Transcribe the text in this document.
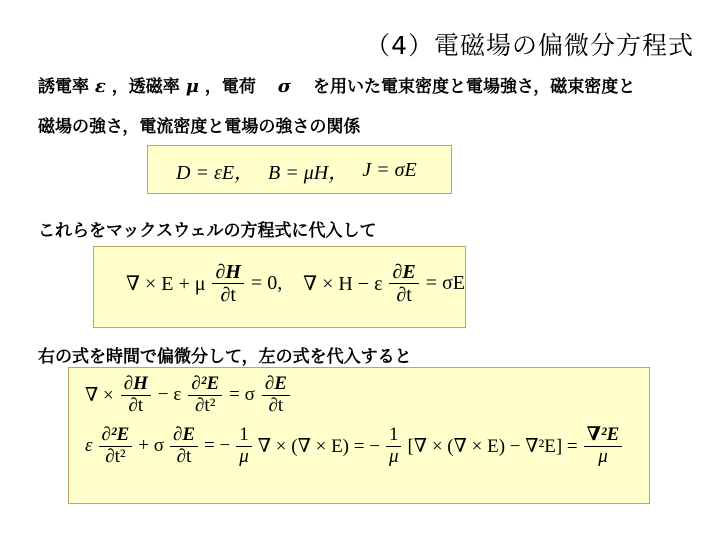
（4）電磁場の偏微分方程式
誘電率 ε ，透磁率 μ ，電荷 σ を用いた電束密度と電場強さ，磁束密度と
磁場の強さ，電流密度と電場の強さの関係
D = εE， B = μH， J = σE
これらをマックスウェルの方程式に代入して
∇ × E + μ $\frac{\partial H}{\partial t} = 0$, ∇ × H − ε $\frac{\partial E}{\partial t} = \sigma E$
右の式を時間で偏微分して，左の式を代入すると
∇ × $\frac{\partial H}{\partial t} - \varepsilon \frac{\text{∂²E}}{\text{∂t²}} = \sigma \frac{\partial E}{\partial t}$
ε $\frac{\text{∂²E}}{\text{∂t²}} + \sigma \frac{\partial E}{\partial t}$ = − $\frac{1}{\mu}$ ∇ × (∇ × E) = − $\frac{1}{\mu}$ [∇ × (∇ × $E) - \nabla^2E] = \frac{\text{∇²E}}{\mu}$
